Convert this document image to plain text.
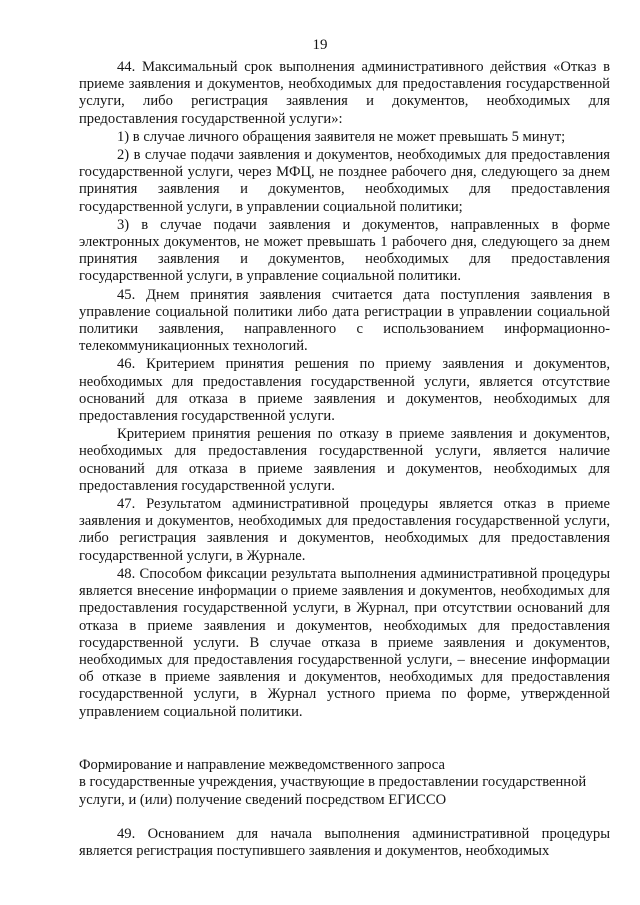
19

44. Максимальный срок выполнения административного действия «Отказ в приеме заявления и документов, необходимых для предоставления государственной услуги, либо регистрация заявления и документов, необходимых для предоставления государственной услуги»:

1) в случае личного обращения заявителя не может превышать 5 минут;

2) в случае подачи заявления и документов, необходимых для предоставления государственной услуги, через МФЦ, не позднее рабочего дня, следующего за днем принятия заявления и документов, необходимых для предоставления государственной услуги, в управлении социальной политики;

3) в случае подачи заявления и документов, направленных в форме электронных документов, не может превышать 1 рабочего дня, следующего за днем принятия заявления и документов, необходимых для предоставления государственной услуги, в управление социальной политики.

45. Днем принятия заявления считается дата поступления заявления в управление социальной политики либо дата регистрации в управлении социальной политики заявления, направленного с использованием информационно-телекоммуникационных технологий.

46. Критерием принятия решения по приему заявления и документов, необходимых для предоставления государственной услуги, является отсутствие оснований для отказа в приеме заявления и документов, необходимых для предоставления государственной услуги.

Критерием принятия решения по отказу в приеме заявления и документов, необходимых для предоставления государственной услуги, является наличие оснований для отказа в приеме заявления и документов, необходимых для предоставления государственной услуги.

47. Результатом административной процедуры является отказ в приеме заявления и документов, необходимых для предоставления государственной услуги, либо регистрация заявления и документов, необходимых для предоставления государственной услуги, в Журнале.

48. Способом фиксации результата выполнения административной процедуры является внесение информации о приеме заявления и документов, необходимых для предоставления государственной услуги, в Журнал, при отсутствии оснований для отказа в приеме заявления и документов, необходимых для предоставления государственной услуги. В случае отказа в приеме заявления и документов, необходимых для предоставления государственной услуги, – внесение информации об отказе в приеме заявления и документов, необходимых для предоставления государственной услуги, в Журнал устного приема по форме, утвержденной управлением социальной политики.

Формирование и направление межведомственного запроса
в государственные учреждения, участвующие в предоставлении государственной
услуги, и (или) получение сведений посредством ЕГИССО

49. Основанием для начала выполнения административной процедуры является регистрация поступившего заявления и документов, необходимых
